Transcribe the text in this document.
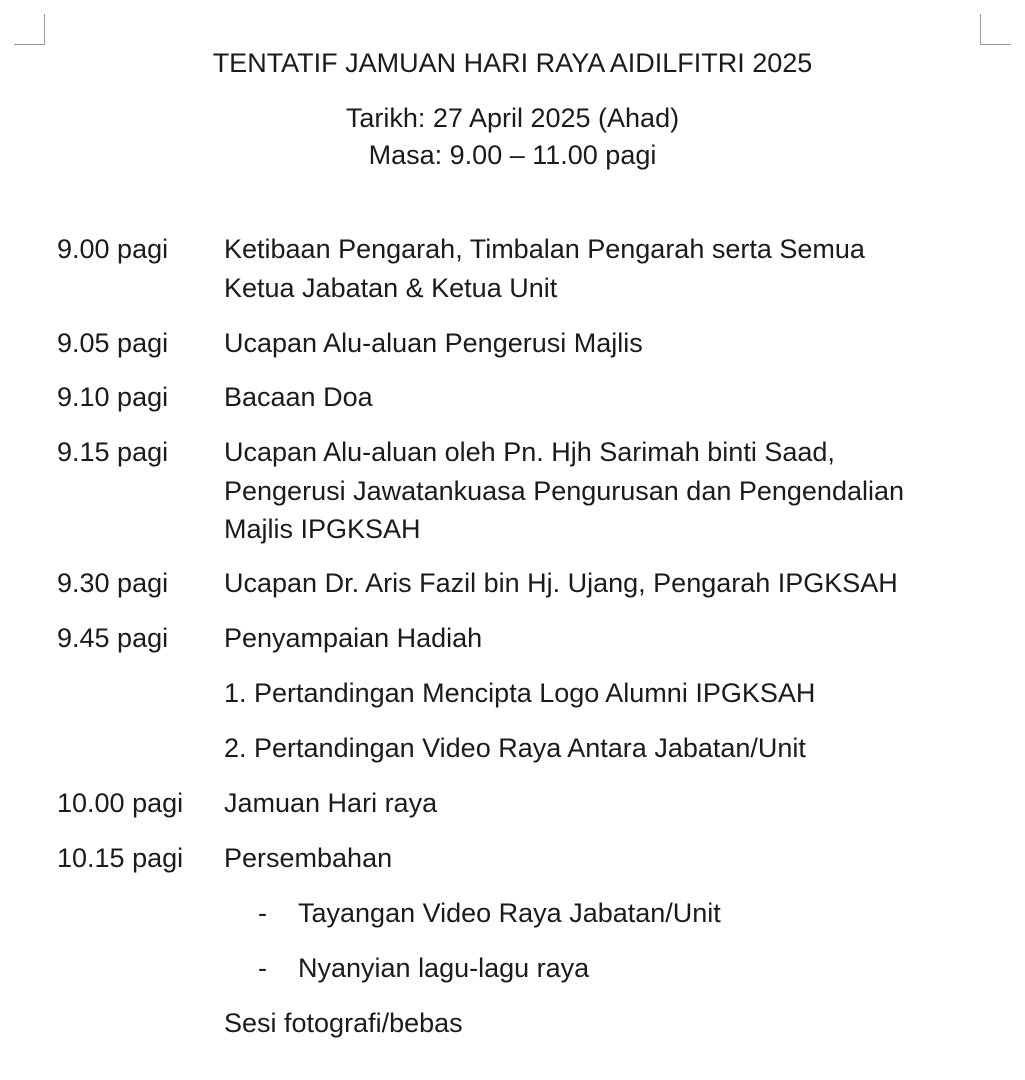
TENTATIF JAMUAN HARI RAYA AIDILFITRI 2025
Tarikh: 27 April 2025 (Ahad)
Masa: 9.00 – 11.00 pagi
9.00 pagi Ketibaan Pengarah, Timbalan Pengarah serta Semua
Ketua Jabatan & Ketua Unit
9.05 pagi Ucapan Alu-aluan Pengerusi Majlis
9.10 pagi Bacaan Doa
9.15 pagi Ucapan Alu-aluan oleh Pn. Hjh Sarimah binti Saad,
Pengerusi Jawatankuasa Pengurusan dan Pengendalian
Majlis IPGKSAH
9.30 pagi Ucapan Dr. Aris Fazil bin Hj. Ujang, Pengarah IPGKSAH
9.45 pagi Penyampaian Hadiah
1. Pertandingan Mencipta Logo Alumni IPGKSAH
2. Pertandingan Video Raya Antara Jabatan/Unit
10.00 pagi Jamuan Hari raya
10.15 pagi Persembahan
- Tayangan Video Raya Jabatan/Unit
- Nyanyian lagu-lagu raya
Sesi fotografi/bebas
